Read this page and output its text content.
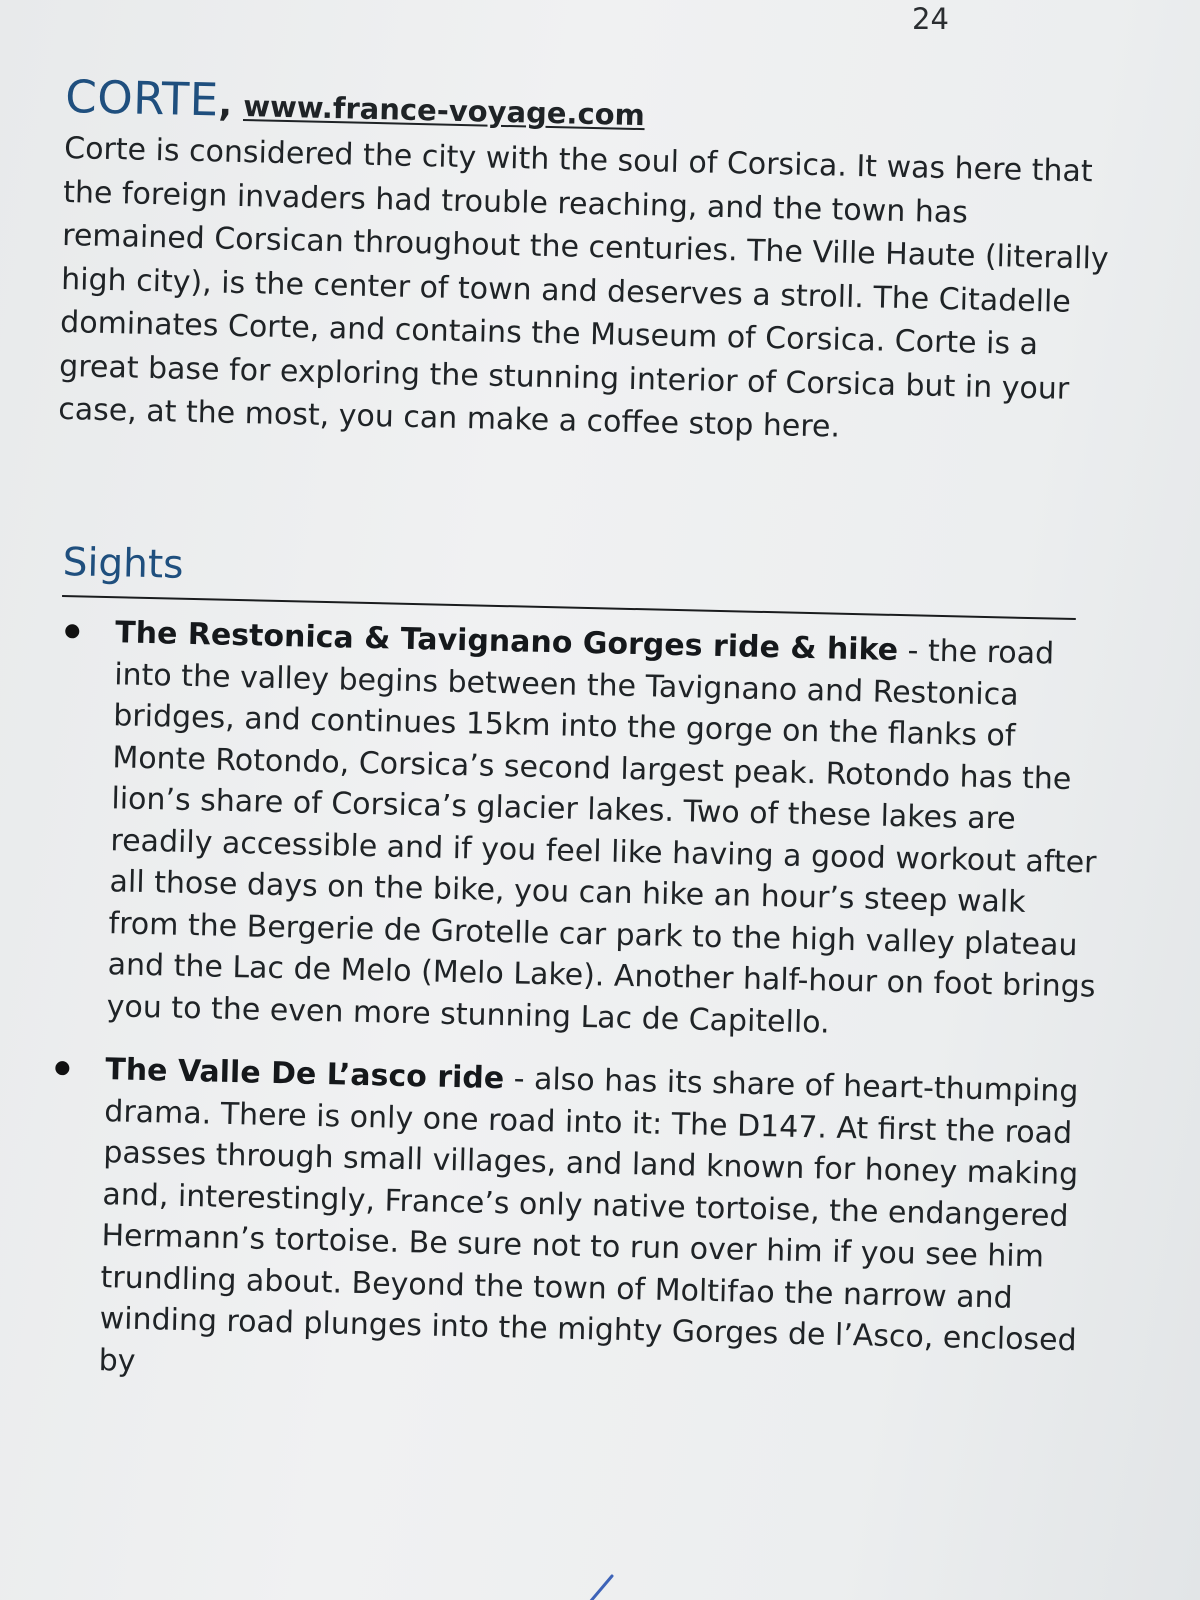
24
CORTE, www.france-voyage.com

Corte is considered the city with the soul of Corsica. It was here that the foreign invaders had trouble reaching, and the town has remained Corsican throughout the centuries. The Ville Haute (literally high city), is the center of town and deserves a stroll. The Citadelle dominates Corte, and contains the Museum of Corsica. Corte is a great base for exploring the stunning interior of Corsica but in your case, at the most, you can make a coffee stop here.

Sights
The Restonica & Tavignano Gorges ride & hike - the road into the valley begins between the Tavignano and Restonica bridges, and continues 15km into the gorge on the flanks of Monte Rotondo, Corsica’s second largest peak. Rotondo has the lion’s share of Corsica’s glacier lakes. Two of these lakes are readily accessible and if you feel like having a good workout after all those days on the bike, you can hike an hour’s steep walk from the Bergerie de Grotelle car park to the high valley plateau and the Lac de Melo (Melo Lake). Another half-hour on foot brings you to the even more stunning Lac de Capitello.
The Valle De L’asco ride - also has its share of heart-thumping drama. There is only one road into it: The D147. At first the road passes through small villages, and land known for honey making and, interestingly, France’s only native tortoise, the endangered Hermann’s tortoise. Be sure not to run over him if you see him trundling about. Beyond the town of Moltifao the narrow and winding road plunges into the mighty Gorges de l’Asco, enclosed by
